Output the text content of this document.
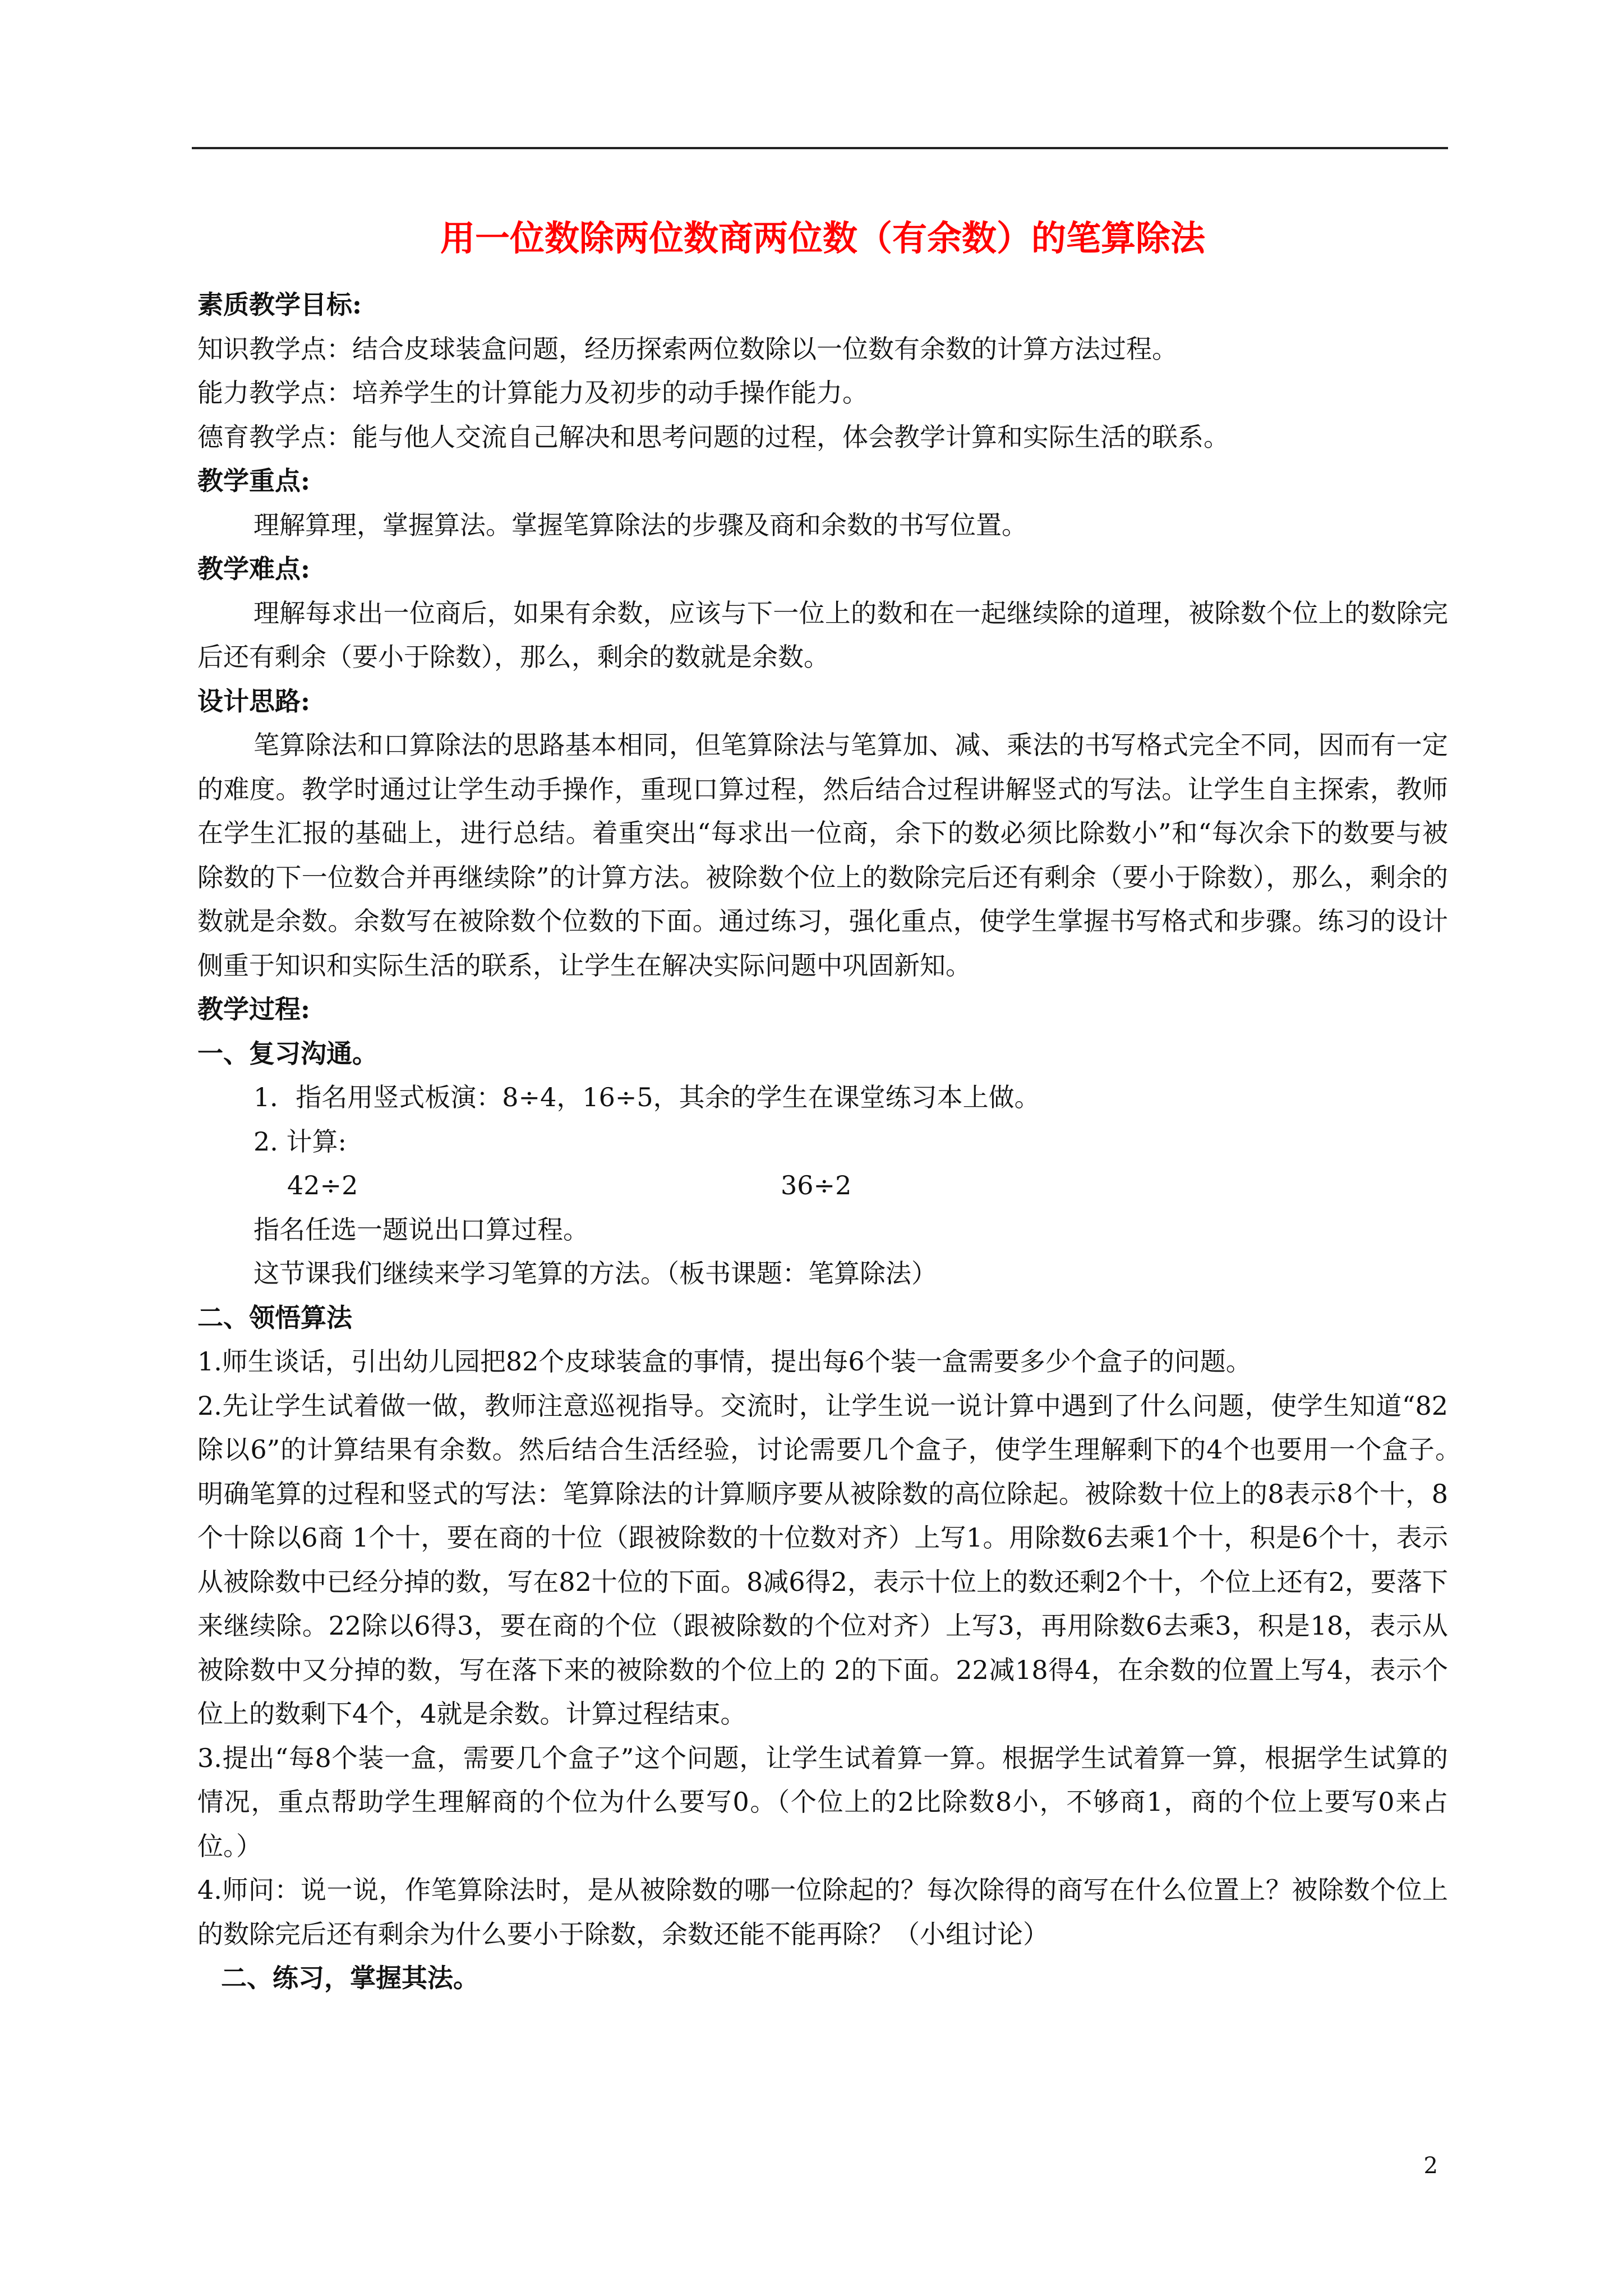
用一位数除两位数商两位数（有余数）的笔算除法

素质教学目标:

知识教学点：结合皮球装盒问题，经历探索两位数除以一位数有余数的计算方法过程。

能力教学点：培养学生的计算能力及初步的动手操作能力。

德育教学点：能与他人交流自己解决和思考问题的过程，体会教学计算和实际生活的联系。

教学重点:

理解算理，掌握算法。掌握笔算除法的步骤及商和余数的书写位置。

教学难点:

理解每求出一位商后，如果有余数，应该与下一位上的数和在一起继续除的道理，被除数个位上的数除完后还有剩余（要小于除数），那么，剩余的数就是余数。

设计思路:

笔算除法和口算除法的思路基本相同，但笔算除法与笔算加、减、乘法的书写格式完全不同，因而有一定的难度。教学时通过让学生动手操作，重现口算过程，然后结合过程讲解竖式的写法。让学生自主探索，教师在学生汇报的基础上，进行总结。着重突出“每求出一位商，余下的数必须比除数小”和“每次余下的数要与被除数的下一位数合并再继续除”的计算方法。被除数个位上的数除完后还有剩余（要小于除数），那么，剩余的数就是余数。余数写在被除数个位数的下面。通过练习，强化重点，使学生掌握书写格式和步骤。练习的设计侧重于知识和实际生活的联系，让学生在解决实际问题中巩固新知。

教学过程:

一、复习沟通。

1．指名用竖式板演：8÷4，16÷5，其余的学生在课堂练习本上做。

2. 计算:

42÷2	36÷2

指名任选一题说出口算过程。

这节课我们继续来学习笔算的方法。（板书课题：笔算除法）

二、领悟算法

1.师生谈话，引出幼儿园把82个皮球装盒的事情，提出每6个装一盒需要多少个盒子的问题。

2.先让学生试着做一做，教师注意巡视指导。交流时，让学生说一说计算中遇到了什么问题，使学生知道“82除以6”的计算结果有余数。然后结合生活经验，讨论需要几个盒子，使学生理解剩下的4个也要用一个盒子。　明确笔算的过程和竖式的写法：笔算除法的计算顺序要从被除数的高位除起。被除数十位上的8表示8个十，8个十除以6商 1个十，要在商的十位（跟被除数的十位数对齐）上写1。用除数6去乘1个十，积是6个十，表示从被除数中已经分掉的数，写在82十位的下面。8减6得2，表示十位上的数还剩2个十，个位上还有2，要落下来继续除。22除以6得3，要在商的个位（跟被除数的个位对齐）上写3，再用除数6去乘3，积是18，表示从被除数中又分掉的数，写在落下来的被除数的个位上的 2的下面。22减18得4，在余数的位置上写4，表示个位上的数剩下4个，4就是余数。计算过程结束。

3.提出“每8个装一盒，需要几个盒子”这个问题，让学生试着算一算。根据学生试着算一算，根据学生试算的情况，重点帮助学生理解商的个位为什么要写0。（个位上的2比除数8小，不够商1，商的个位上要写0来占位。）

4.师问：说一说，作笔算除法时，是从被除数的哪一位除起的？每次除得的商写在什么位置上？被除数个位上的数除完后还有剩余为什么要小于除数，余数还能不能再除？（小组讨论）

二、练习，掌握其法。

2
